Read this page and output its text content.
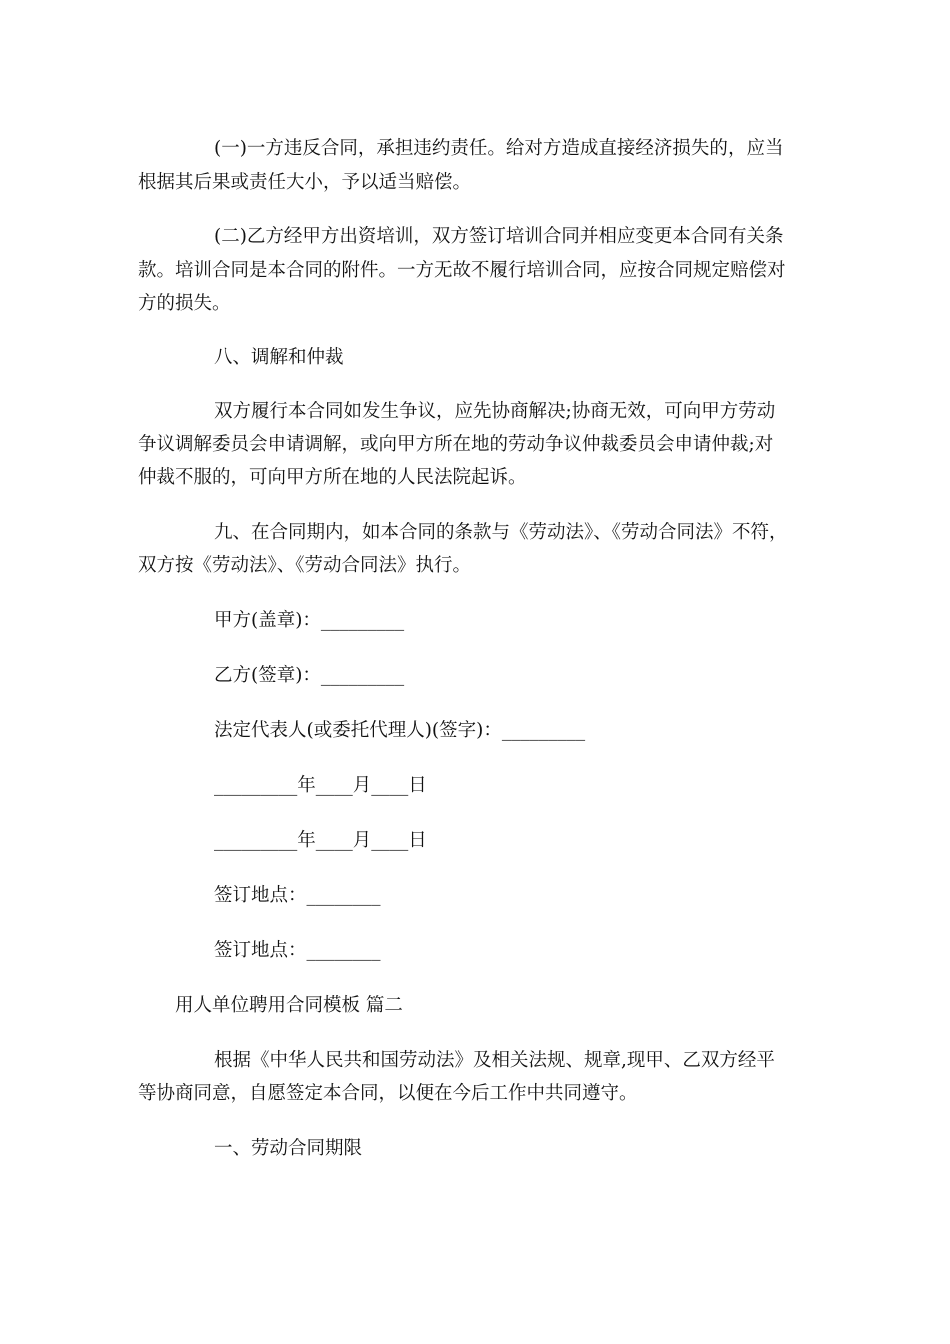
(一)一方违反合同，承担违约责任。给对方造成直接经济损失的，应当
根据其后果或责任大小，予以适当赔偿。
(二)乙方经甲方出资培训，双方签订培训合同并相应变更本合同有关条
款。培训合同是本合同的附件。一方无故不履行培训合同，应按合同规定赔偿对
方的损失。
八、调解和仲裁
双方履行本合同如发生争议，应先协商解决;协商无效，可向甲方劳动
争议调解委员会申请调解，或向甲方所在地的劳动争议仲裁委员会申请仲裁;对
仲裁不服的，可向甲方所在地的人民法院起诉。
九、在合同期内，如本合同的条款与《劳动法》、《劳动合同法》不符，
双方按《劳动法》、《劳动合同法》执行。
甲方(盖章)：_________
乙方(签章)：_________
法定代表人(或委托代理人)(签字)：_________
_________年____月____日
_________年____月____日
签订地点：________
签订地点：________
用人单位聘用合同模板 篇二
根据《中华人民共和国劳动法》及相关法规、规章,现甲、乙双方经平
等协商同意，自愿签定本合同，以便在今后工作中共同遵守。
一、劳动合同期限
